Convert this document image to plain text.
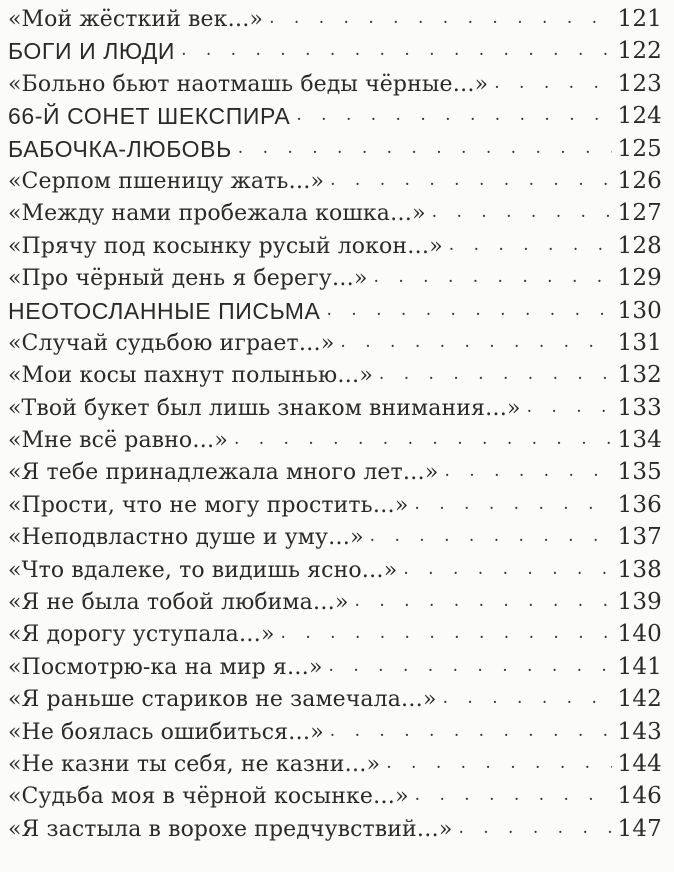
«Мой жёсткий век…» . . .	121
БОГИ И ЛЮДИ . . .	122
«Больно бьют наотмашь беды чёрные…» . . .	123
66-Й СОНЕТ ШЕКСПИРА . . .	124
БАБОЧКА-ЛЮБОВЬ . . .	125
«Серпом пшеницу жать…» . . .	126
«Между нами пробежала кошка…» . . .	127
«Прячу под косынку русый локон…» . . .	128
«Про чёрный день я берегу…» . . .	129
НЕОТОСЛАННЫЕ ПИСЬМА . . .	130
«Случай судьбою играет…» . . .	131
«Мои косы пахнут полынью…» . . .	132
«Твой букет был лишь знаком внимания…» . . .	133
«Мне всё равно…» . . .	134
«Я тебе принадлежала много лет…» . . .	135
«Прости, что не могу простить…» . . .	136
«Неподвластно душе и уму…» . . .	137
«Что вдалеке, то видишь ясно…» . . .	138
«Я не была тобой любима…» . . .	139
«Я дорогу уступала…» . . .	140
«Посмотрю-ка на мир я…» . . .	141
«Я раньше стариков не замечала…» . . .	142
«Не боялась ошибиться…» . . .	143
«Не казни ты себя, не казни…» . . .	144
«Судьба моя в чёрной косынке…» . . .	146
«Я застыла в ворохе предчувствий…» . . .	147
